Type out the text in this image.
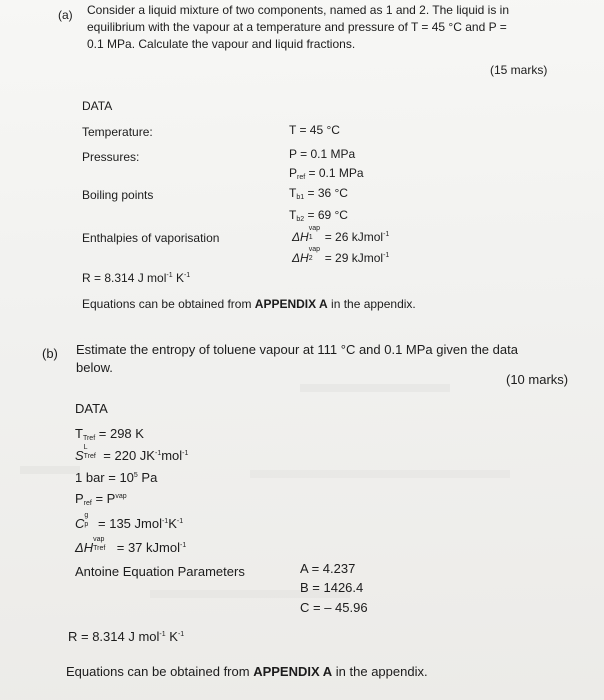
(a) Consider a liquid mixture of two components, named as 1 and 2. The liquid is in
equilibrium with the vapour at a temperature and pressure of T = 45 °C and P =
0.1 MPa. Calculate the vapour and liquid fractions.
(15 marks)
DATA
Temperature:	T = 45 °C
Pressures:	P = 0.1 MPa
$P_{ref} = 0.1$ MPa
Boiling points	$T_{b1} = 36$ °C
$T_{b2} = 69$ °C
Enthalpies of vaporisation	ΔH
vap
1 = 26 kJmol$^{-1}$
ΔH
vap
2 = 29 kJmol$^{-1}$
R = 8.314 J mol$^{-1}$ $K^{-1}$
Equations can be obtained from APPENDIX A in the appendix.
(b) Estimate the entropy of toluene vapour at 111 °C and 0.1 MPa given the data
below.
(10 marks)
DATA
$T_{Tref} = 298$ K
S
L
Tref = 220 $JK^{-1}mol^{-1}$
1 bar = $10^5$ Pa
$P_{ref} = P^{vap}$
C
g
p = 135 $Jmol^{-1}K^{-1}$
ΔH
vap
Tref = 37 kJmol$^{-1}$
Antoine Equation Parameters	A = 4.237
B = 1426.4
C = – 45.96
R = 8.314 J mol$^{-1}$ $K^{-1}$
Equations can be obtained from APPENDIX A in the appendix.
